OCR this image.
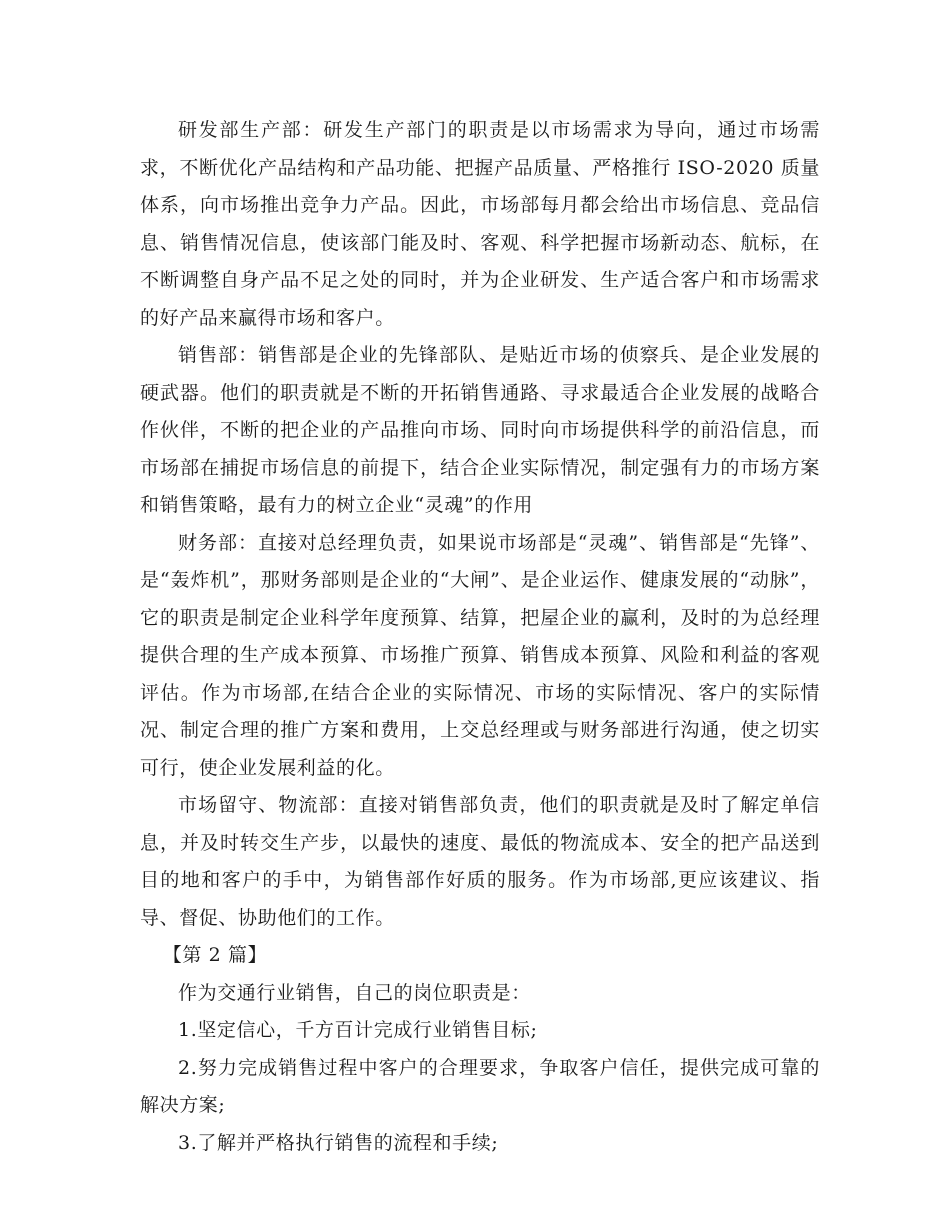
研发部生产部：研发生产部门的职责是以市场需求为导向，通过市场需求，不断优化产品结构和产品功能、把握产品质量、严格推行 ISO-2020 质量体系，向市场推出竞争力产品。因此，市场部每月都会给出市场信息、竞品信息、销售情况信息，使该部门能及时、客观、科学把握市场新动态、航标，在不断调整自身产品不足之处的同时，并为企业研发、生产适合客户和市场需求的好产品来赢得市场和客户。

销售部：销售部是企业的先锋部队、是贴近市场的侦察兵、是企业发展的硬武器。他们的职责就是不断的开拓销售通路、寻求最适合企业发展的战略合作伙伴，不断的把企业的产品推向市场、同时向市场提供科学的前沿信息，而市场部在捕捉市场信息的前提下，结合企业实际情况，制定强有力的市场方案和销售策略，最有力的树立企业“灵魂”的作用

财务部：直接对总经理负责，如果说市场部是“灵魂”、销售部是“先锋”、是“轰炸机”，那财务部则是企业的“大闸”、是企业运作、健康发展的“动脉”，它的职责是制定企业科学年度预算、结算，把屋企业的赢利，及时的为总经理提供合理的生产成本预算、市场推广预算、销售成本预算、风险和利益的客观评估。作为市场部,在结合企业的实际情况、市场的实际情况、客户的实际情况、制定合理的推广方案和费用，上交总经理或与财务部进行沟通，使之切实可行，使企业发展利益的化。

市场留守、物流部：直接对销售部负责，他们的职责就是及时了解定单信息，并及时转交生产步，以最快的速度、最低的物流成本、安全的把产品送到目的地和客户的手中，为销售部作好质的服务。作为市场部,更应该建议、指导、督促、协助他们的工作。

【第 2 篇】

作为交通行业销售，自己的岗位职责是：

1.坚定信心，千方百计完成行业销售目标;

2.努力完成销售过程中客户的合理要求，争取客户信任，提供完成可靠的解决方案;

3.了解并严格执行销售的流程和手续;
